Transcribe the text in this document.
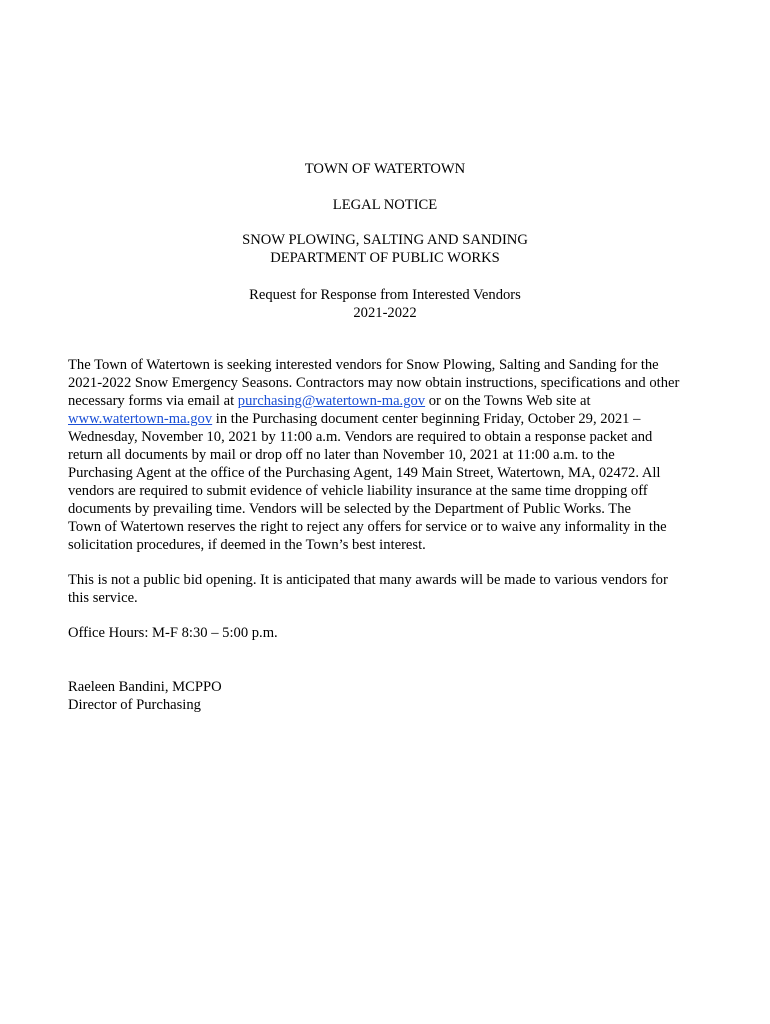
TOWN OF WATERTOWN
LEGAL NOTICE
SNOW PLOWING, SALTING AND SANDING
DEPARTMENT OF PUBLIC WORKS
Request for Response from Interested Vendors
2021-2022
The Town of Watertown is seeking interested vendors for Snow Plowing, Salting and Sanding for the
2021-2022 Snow Emergency Seasons. Contractors may now obtain instructions, specifications and other
necessary forms via email at purchasing@watertown-ma.gov or on the Towns Web site at
www.watertown-ma.gov in the Purchasing document center beginning Friday, October 29, 2021 –
Wednesday, November 10, 2021 by 11:00 a.m. Vendors are required to obtain a response packet and
return all documents by mail or drop off no later than November 10, 2021 at 11:00 a.m. to the
Purchasing Agent at the office of the Purchasing Agent, 149 Main Street, Watertown, MA, 02472. All
vendors are required to submit evidence of vehicle liability insurance at the same time dropping off
documents by prevailing time. Vendors will be selected by the Department of Public Works. The
Town of Watertown reserves the right to reject any offers for service or to waive any informality in the
solicitation procedures, if deemed in the Town’s best interest.
This is not a public bid opening. It is anticipated that many awards will be made to various vendors for
this service.
Office Hours: M-F 8:30 – 5:00 p.m.
Raeleen Bandini, MCPPO
Director of Purchasing
